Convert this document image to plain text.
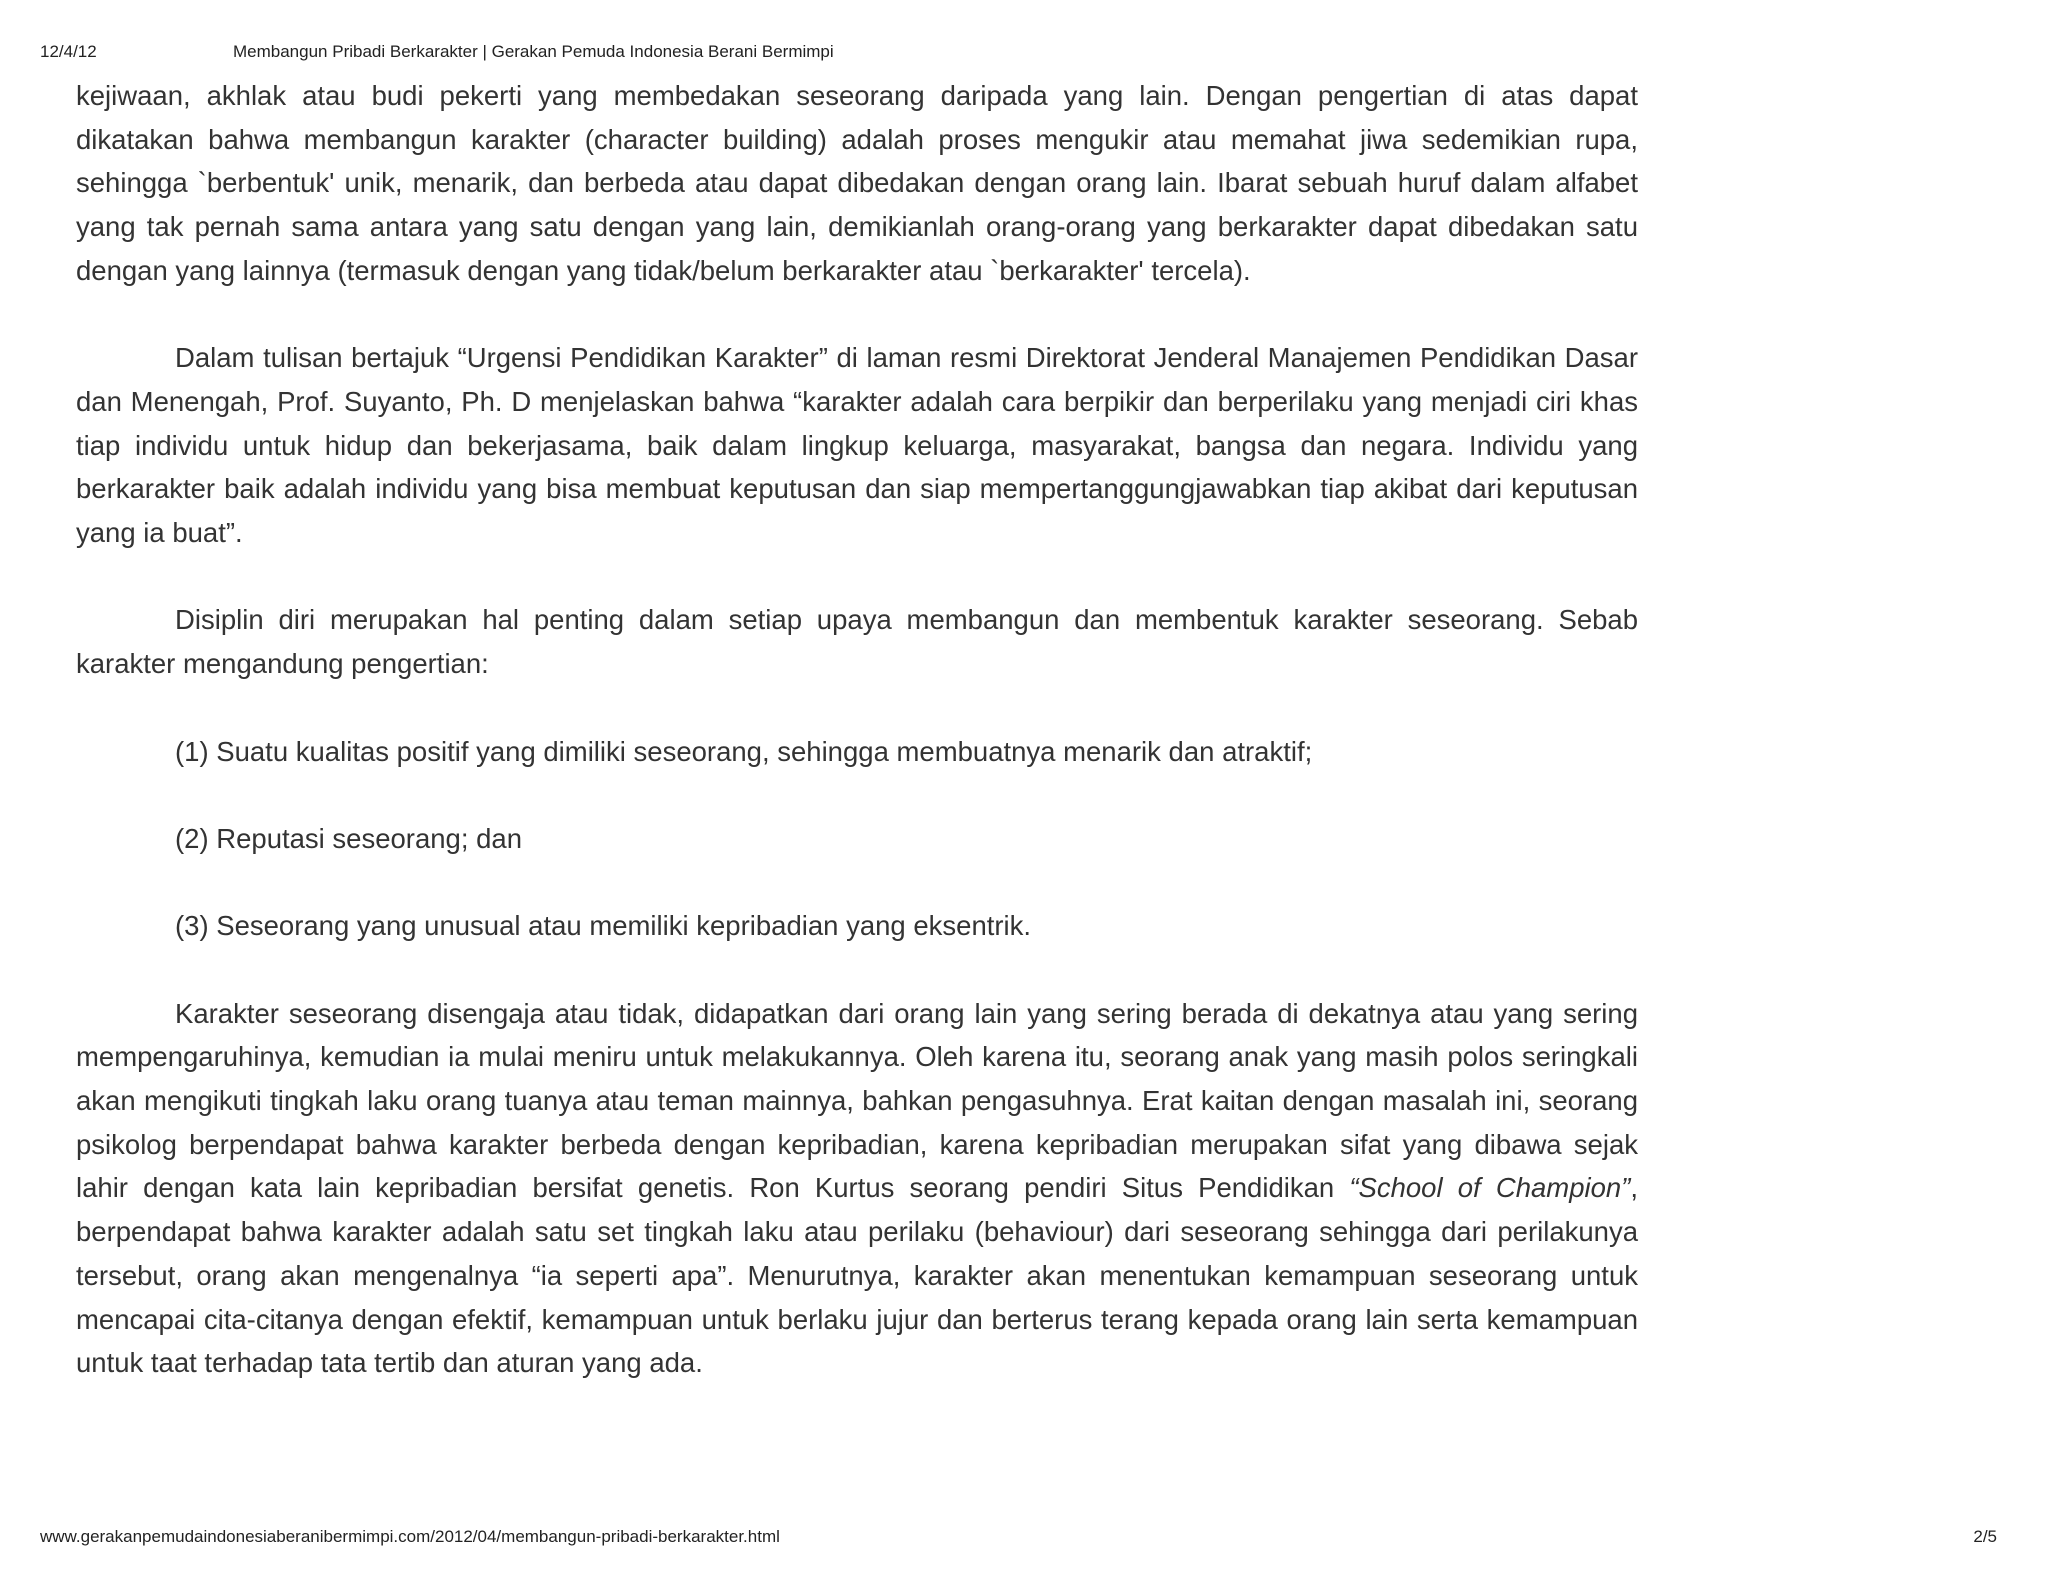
12/4/12	Membangun Pribadi Berkarakter | Gerakan Pemuda Indonesia Berani Bermimpi

kejiwaan, akhlak atau budi pekerti yang membedakan seseorang daripada yang lain. Dengan pengertian di atas dapat dikatakan bahwa membangun karakter (character building) adalah proses mengukir atau memahat jiwa sedemikian rupa, sehingga `berbentuk' unik, menarik, dan berbeda atau dapat dibedakan dengan orang lain. Ibarat sebuah huruf dalam alfabet yang tak pernah sama antara yang satu dengan yang lain, demikianlah orang-orang yang berkarakter dapat dibedakan satu dengan yang lainnya (termasuk dengan yang tidak/belum berkarakter atau `berkarakter' tercela).

Dalam tulisan bertajuk “Urgensi Pendidikan Karakter” di laman resmi Direktorat Jenderal Manajemen Pendidikan Dasar dan Menengah, Prof. Suyanto, Ph. D menjelaskan bahwa “karakter adalah cara berpikir dan berperilaku yang menjadi ciri khas tiap individu untuk hidup dan bekerjasama, baik dalam lingkup keluarga, masyarakat, bangsa dan negara. Individu yang berkarakter baik adalah individu yang bisa membuat keputusan dan siap mempertanggungjawabkan tiap akibat dari keputusan yang ia buat”.

Disiplin diri merupakan hal penting dalam setiap upaya membangun dan membentuk karakter seseorang. Sebab karakter mengandung pengertian:

(1) Suatu kualitas positif yang dimiliki seseorang, sehingga membuatnya menarik dan atraktif;

(2) Reputasi seseorang; dan

(3) Seseorang yang unusual atau memiliki kepribadian yang eksentrik.

Karakter seseorang disengaja atau tidak, didapatkan dari orang lain yang sering berada di dekatnya atau yang sering mempengaruhinya, kemudian ia mulai meniru untuk melakukannya. Oleh karena itu, seorang anak yang masih polos seringkali akan mengikuti tingkah laku orang tuanya atau teman mainnya, bahkan pengasuhnya. Erat kaitan dengan masalah ini, seorang psikolog berpendapat bahwa karakter berbeda dengan kepribadian, karena kepribadian merupakan sifat yang dibawa sejak lahir dengan kata lain kepribadian bersifat genetis. Ron Kurtus seorang pendiri Situs Pendidikan “School of Champion”, berpendapat bahwa karakter adalah satu set tingkah laku atau perilaku (behaviour) dari seseorang sehingga dari perilakunya tersebut, orang akan mengenalnya “ia seperti apa”. Menurutnya, karakter akan menentukan kemampuan seseorang untuk mencapai cita-citanya dengan efektif, kemampuan untuk berlaku jujur dan berterus terang kepada orang lain serta kemampuan untuk taat terhadap tata tertib dan aturan yang ada.

www.gerakanpemudaindonesiaberanibermimpi.com/2012/04/membangun-pribadi-berkarakter.html	2/5
